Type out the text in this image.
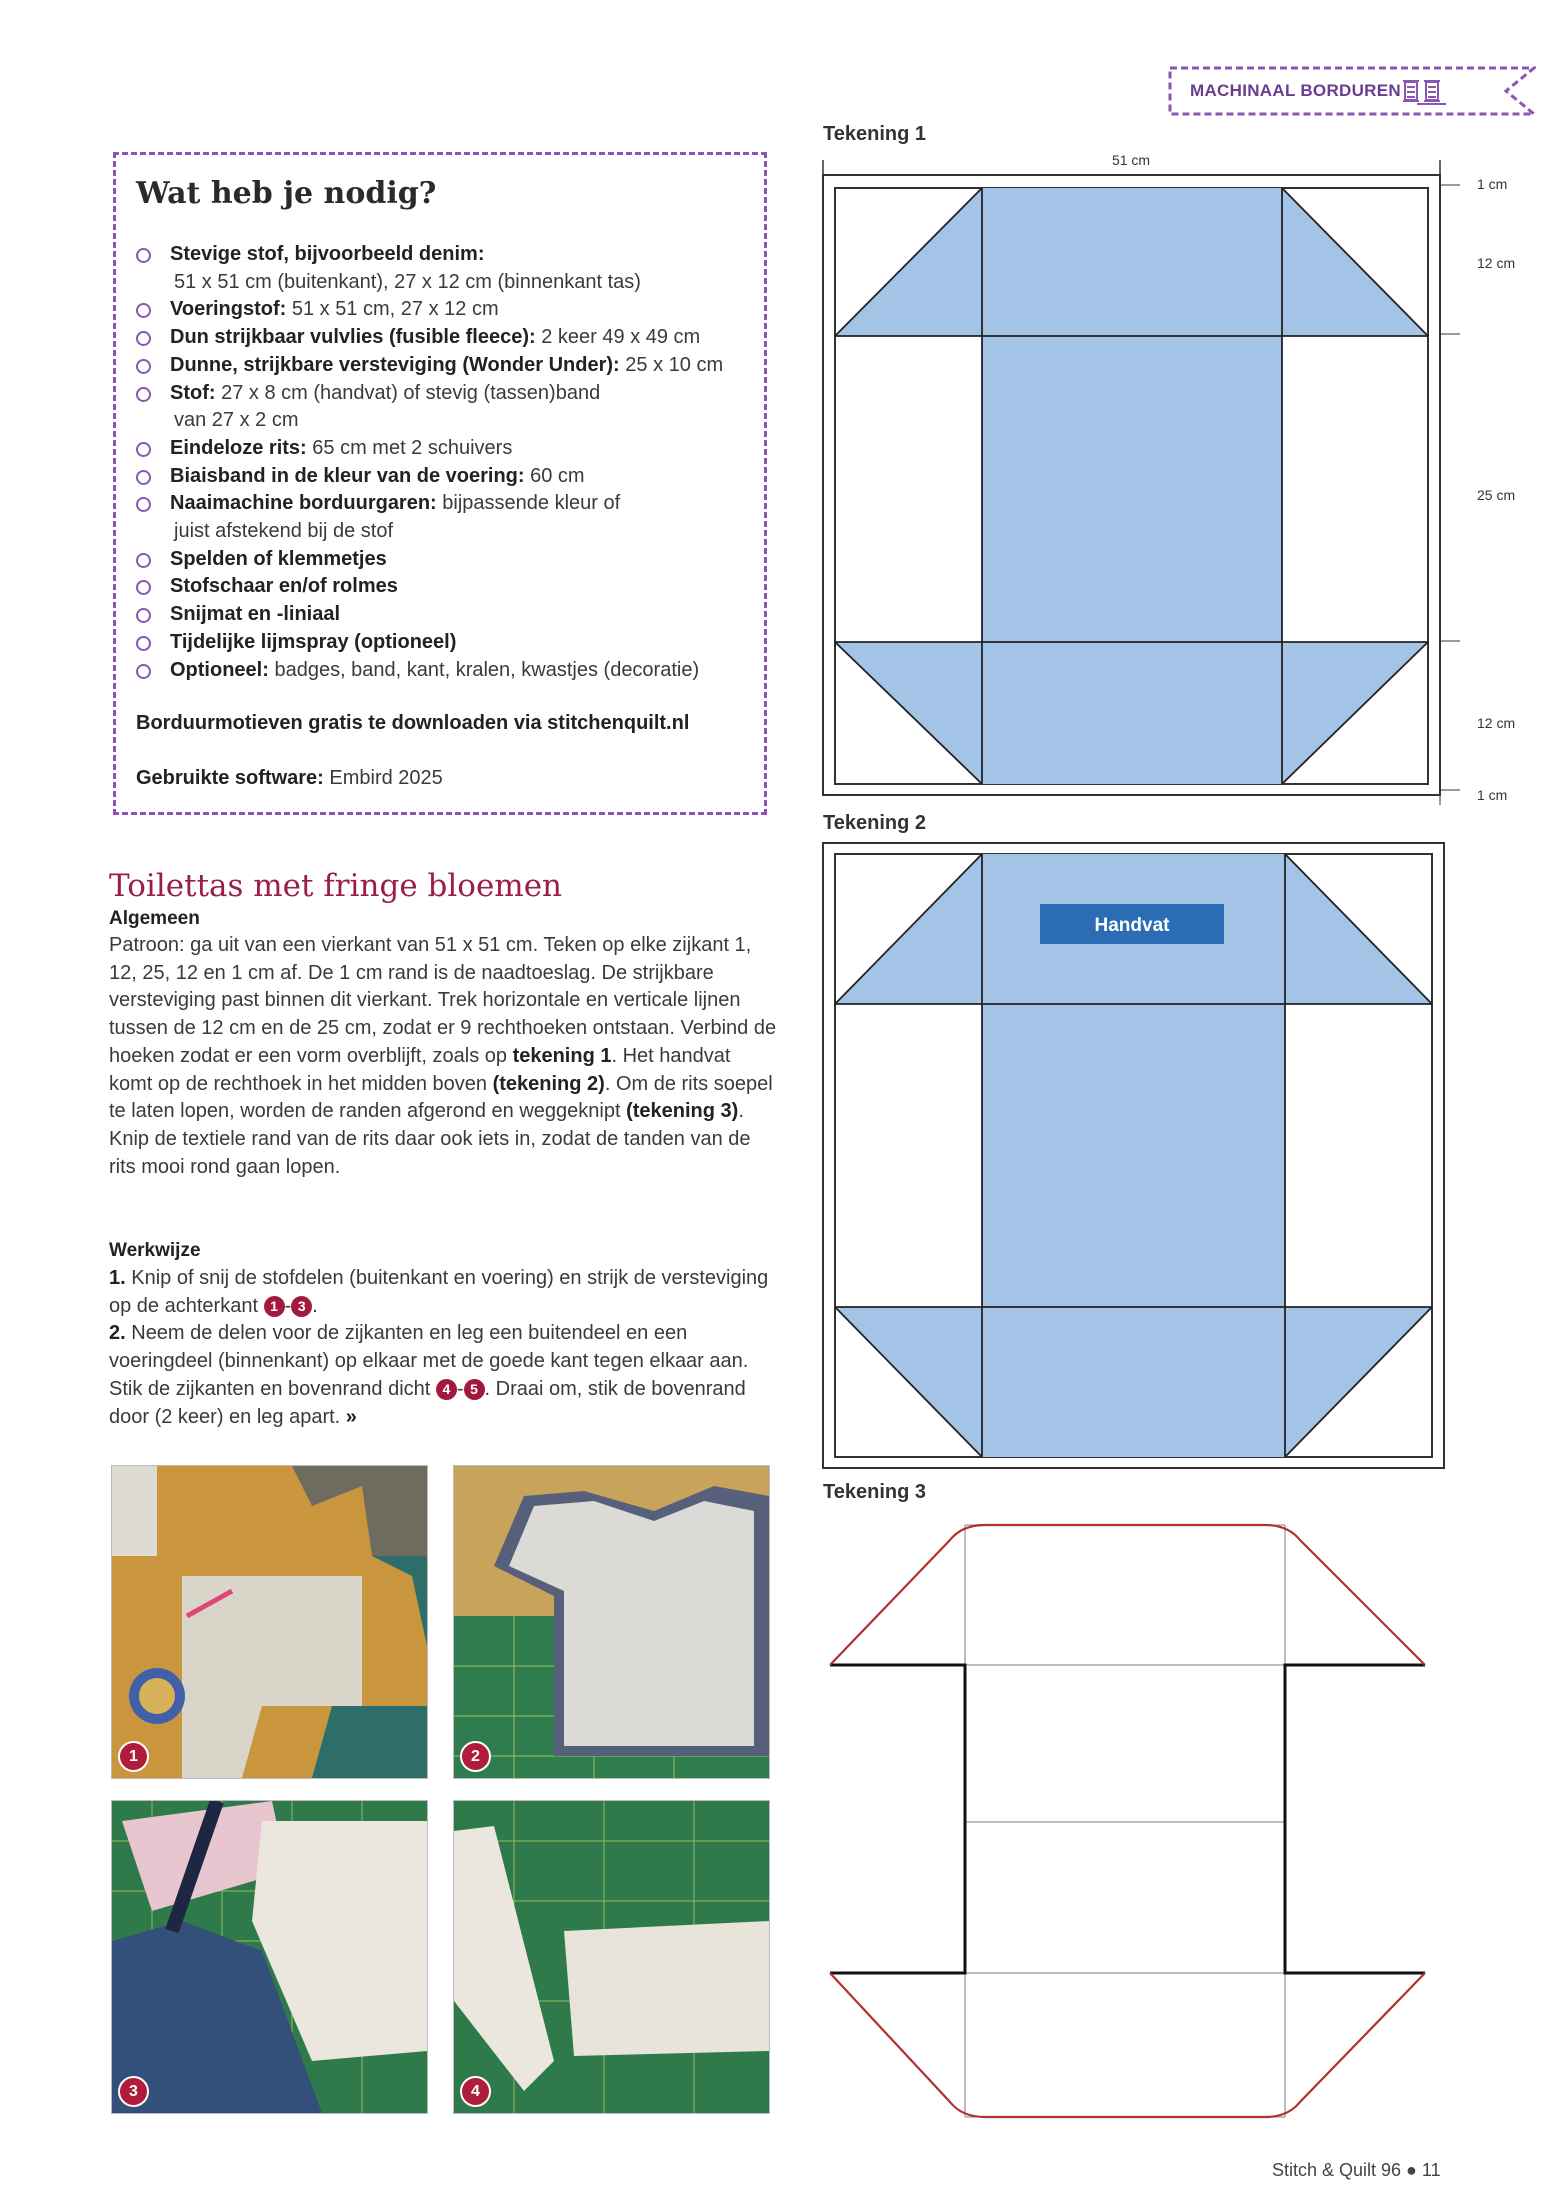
MACHINAAL BORDUREN
Wat heb je nodig?
Stevige stof, bijvoorbeeld denim:
51 x 51 cm (buitenkant), 27 x 12 cm (binnenkant tas)
Voeringstof: 51 x 51 cm, 27 x 12 cm
Dun strijkbaar vulvlies (fusible fleece): 2 keer 49 x 49 cm
Dunne, strijkbare versteviging (Wonder Under): 25 x 10 cm
Stof: 27 x 8 cm (handvat) of stevig (tassen)band
van 27 x 2 cm
Eindeloze rits: 65 cm met 2 schuivers
Biaisband in de kleur van de voering: 60 cm
Naaimachine borduurgaren: bijpassende kleur of
juist afstekend bij de stof
Spelden of klemmetjes
Stofschaar en/of rolmes
Snijmat en -liniaal
Tijdelijke lijmspray (optioneel)
Optioneel: badges, band, kant, kralen, kwastjes (decoratie)
Borduurmotieven gratis te downloaden via stitchenquilt.nl
Gebruikte software: Embird 2025
Toilettas met fringe bloemen
Algemeen
Patroon: ga uit van een vierkant van 51 x 51 cm. Teken op elke zijkant 1, 12, 25, 12 en 1 cm af. De 1 cm rand is de naadtoeslag. De strijkbare versteviging past binnen dit vierkant. Trek horizontale en verticale lijnen tussen de 12 cm en de 25 cm, zodat er 9 rechthoeken ontstaan. Verbind de hoeken zodat er een vorm overblijft, zoals op tekening 1. Het handvat komt op de rechthoek in het midden boven (tekening 2). Om de rits soepel te laten lopen, worden de randen afgerond en weggeknipt (tekening 3). Knip de textiele rand van de rits daar ook iets in, zodat de tanden van de rits mooi rond gaan lopen.
Werkwijze
1. Knip of snij de stofdelen (buitenkant en voering) en strijk de versteviging op de achterkant 1 - 3 .
2. Neem de delen voor de zijkanten en leg een buitendeel en een voeringdeel (binnenkant) op elkaar met de goede kant tegen elkaar aan. Stik de zijkanten en bovenrand dicht 4 - 5 . Draai om, stik de bovenrand door (2 keer) en leg apart. »
1	2
3	4
Tekening 1
51 cm
1 cm
12 cm
25 cm
12 cm
1 cm
Tekening 2
Handvat
Tekening 3
Stitch & Quilt 96 ● 11
